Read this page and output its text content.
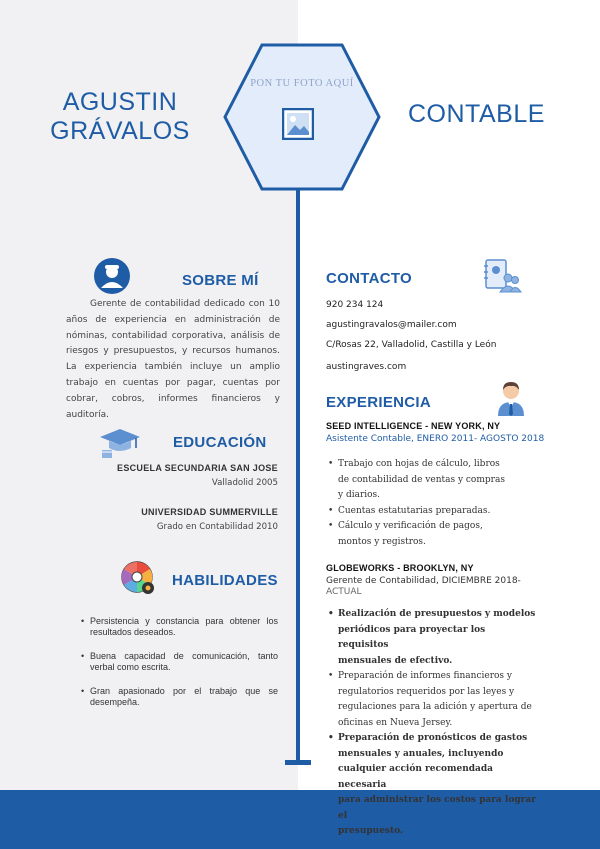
AGUSTIN
GRÁVALOS
CONTABLE
PON TU FOTO AQUÍ
SOBRE MÍ
Gerente de contabilidad dedicado con 10 años de experiencia en administración de nóminas, contabilidad corporativa, análisis de riesgos y presupuestos, y recursos humanos. La experiencia también incluye un amplio trabajo en cuentas por pagar, cuentas por cobrar, cobros, informes financieros y auditoría.
EDUCACIÓN
ESCUELA SECUNDARIA SAN JOSE
Valladolid 2005
UNIVERSIDAD SUMMERVILLE
Grado en Contabilidad 2010
HABILIDADES
• Persistencia y constancia para obtener los resultados deseados.
• Buena capacidad de comunicación, tanto verbal como escrita.
• Gran apasionado por el trabajo que se desempeña.
CONTACTO
920 234 124
agustingravalos@mailer.com
C/Rosas 22, Valladolid, Castilla y León
austingraves.com
EXPERIENCIA
SEED INTELLIGENCE - NEW YORK, NY
Asistente Contable, ENERO 2011- AGOSTO 2018
• Trabajo con hojas de cálculo, libros
de contabilidad de ventas y compras
y diarios.
• Cuentas estatutarias preparadas.
• Cálculo y verificación de pagos,
montos y registros.
GLOBEWORKS - BROOKLYN, NY
Gerente de Contabilidad, DICIEMBRE 2018-
ACTUAL
• Realización de presupuestos y modelos
periódicos para proyectar los requisitos
mensuales de efectivo.
• Preparación de informes financieros y
regulatorios requeridos por las leyes y
regulaciones para la adición y apertura de
oficinas en Nueva Jersey.
• Preparación de pronósticos de gastos
mensuales y anuales, incluyendo
cualquier acción recomendada necesaria
para administrar los costos para lograr el
presupuesto.
